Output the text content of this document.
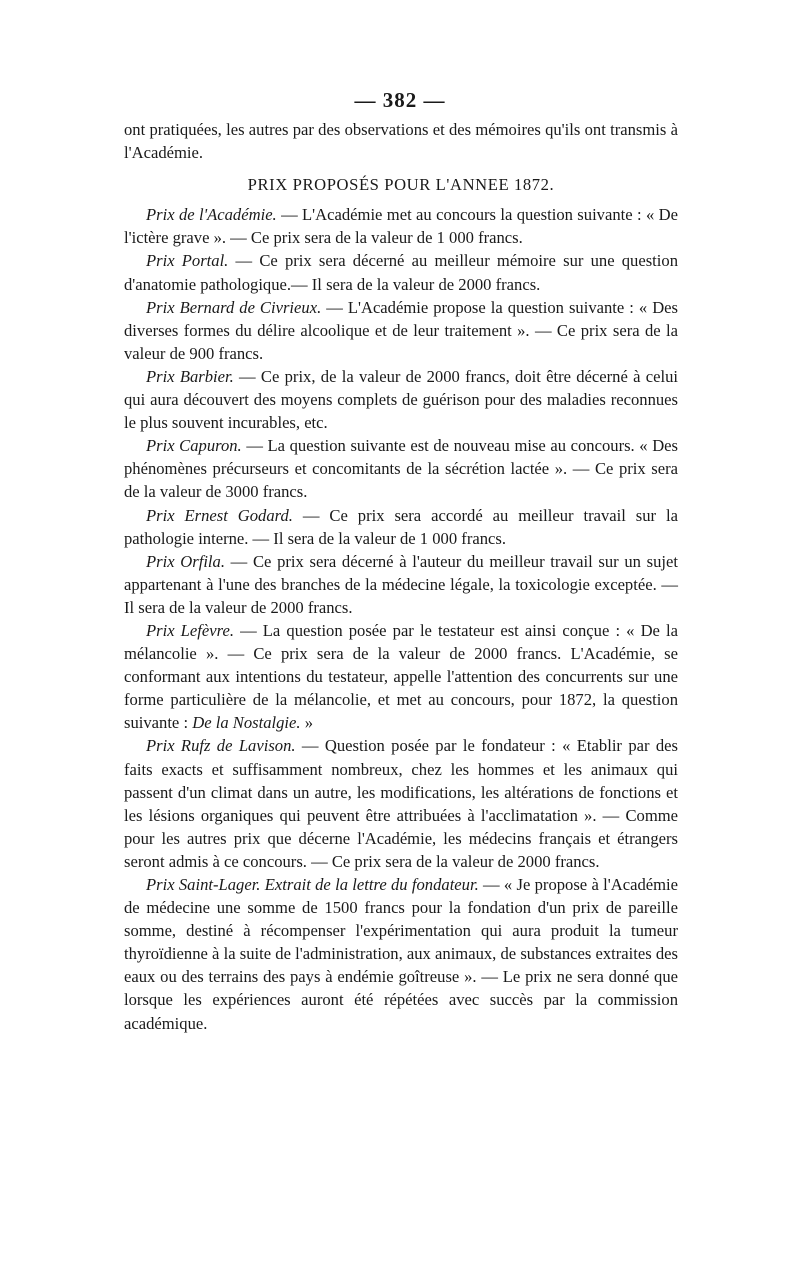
— 382 —

ont pratiquées, les autres par des observations et des mémoires qu'ils ont transmis à l'Académie.

PRIX PROPOSÉS POUR L'ANNEE 1872.

Prix de l'Académie. — L'Académie met au concours la question suivante : « De l'ictère grave ». — Ce prix sera de la valeur de 1 000 francs.

Prix Portal. — Ce prix sera décerné au meilleur mémoire sur une question d'anatomie pathologique.— Il sera de la valeur de 2000 francs.

Prix Bernard de Civrieux. — L'Académie propose la question suivante : « Des diverses formes du délire alcoolique et de leur traitement ». — Ce prix sera de la valeur de 900 francs.

Prix Barbier. — Ce prix, de la valeur de 2000 francs, doit être décerné à celui qui aura découvert des moyens complets de guérison pour des maladies reconnues le plus souvent incurables, etc.

Prix Capuron. — La question suivante est de nouveau mise au concours. « Des phénomènes précurseurs et concomitants de la sécrétion lactée ». — Ce prix sera de la valeur de 3000 francs.

Prix Ernest Godard. — Ce prix sera accordé au meilleur travail sur la pathologie interne. — Il sera de la valeur de 1 000 francs.

Prix Orfila. — Ce prix sera décerné à l'auteur du meilleur travail sur un sujet appartenant à l'une des branches de la médecine légale, la toxicologie exceptée. — Il sera de la valeur de 2000 francs.

Prix Lefèvre. — La question posée par le testateur est ainsi conçue : « De la mélancolie ». — Ce prix sera de la valeur de 2000 francs. L'Académie, se conformant aux intentions du testateur, appelle l'attention des concurrents sur une forme particulière de la mélancolie, et met au concours, pour 1872, la question suivante : De la Nostalgie. »

Prix Rufz de Lavison. — Question posée par le fondateur : « Etablir par des faits exacts et suffisamment nombreux, chez les hommes et les animaux qui passent d'un climat dans un autre, les modifications, les altérations de fonctions et les lésions organiques qui peuvent être attribuées à l'acclimatation ». — Comme pour les autres prix que décerne l'Académie, les médecins français et étrangers seront admis à ce concours. — Ce prix sera de la valeur de 2000 francs.

Prix Saint-Lager. Extrait de la lettre du fondateur. — « Je propose à l'Académie de médecine une somme de 1500 francs pour la fondation d'un prix de pareille somme, destiné à récompenser l'expérimentation qui aura produit la tumeur thyroïdienne à la suite de l'administration, aux animaux, de substances extraites des eaux ou des terrains des pays à endémie goîtreuse ». — Le prix ne sera donné que lorsque les expériences auront été répétées avec succès par la commission académique.
